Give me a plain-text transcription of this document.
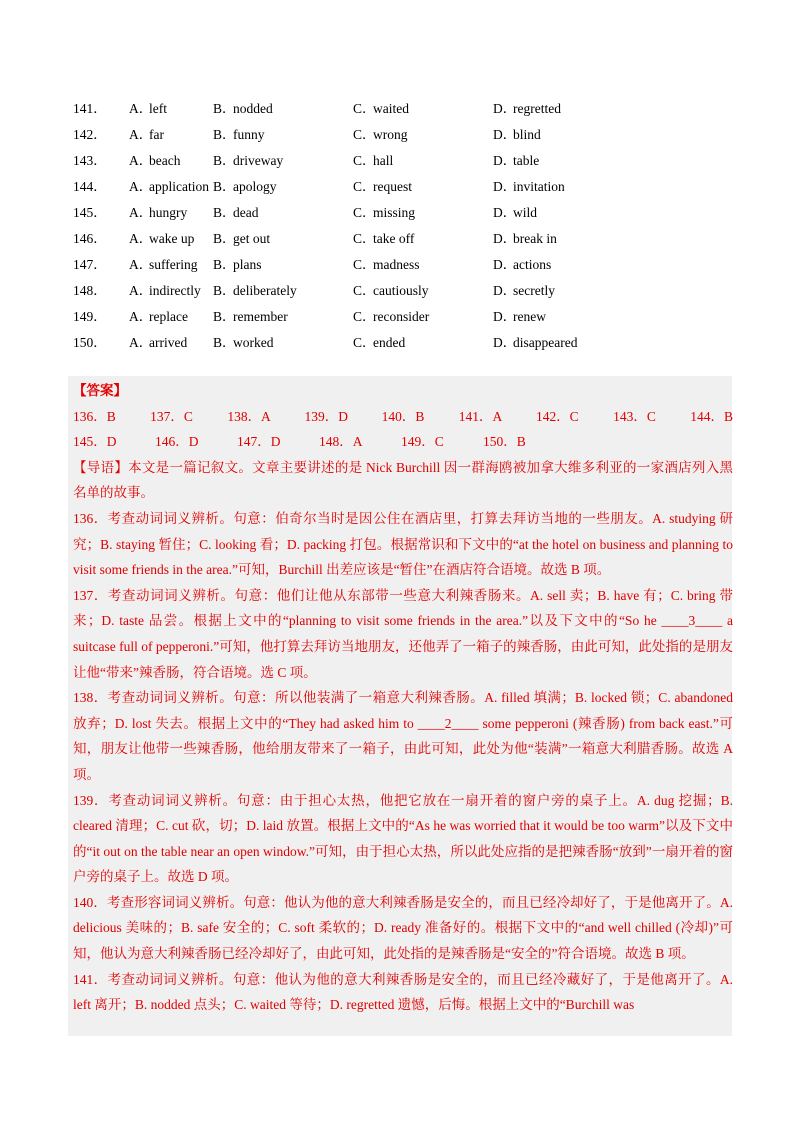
141．	A．left	B．nodded	C．waited	D．regretted
142．	A．far	B．funny	C．wrong	D．blind
143．	A．beach	B．driveway	C．hall	D．table
144．	A．application B．apology	C．request	D．invitation
145．	A．hungry	B．dead	C．missing	D．wild
146．	A．wake up	B．get out	C．take off	D．break in
147．	A．suffering	B．plans	C．madness	D．actions
148．	A．indirectly B．deliberately	C．cautiously	D．secretly
149．	A．replace	B．remember	C．reconsider	D．renew
150．	A．arrived	B．worked	C．ended	D．disappeared
【答案】
136．B	137．C	138．A	139．D	140．B	141．A	142．C	143．C	144．B
145．D	146．D	147．D	148．A	149．C	150．B
【导语】本文是一篇记叙文。文章主要讲述的是 Nick Burchill 因一群海鸥被加拿大维多利亚的一家酒店列入黑名单的故事。
136．考查动词词义辨析。句意：伯奇尔当时是因公住在酒店里，打算去拜访当地的一些朋友。A. studying 研究；B. staying 暂住；C. looking 看；D. packing 打包。根据常识和下文中的“at the hotel on business and planning to visit some friends in the area.”可知，Burchill 出差应该是“暂住”在酒店符合语境。故选 B 项。
137．考查动词词义辨析。句意：他们让他从东部带一些意大利辣香肠来。A. sell 卖；B. have 有；C. bring 带来；D. taste 品尝。根据上文中的“planning to visit some friends in the area.”以及下文中的“So he ____3____ a suitcase full of pepperoni.”可知，他打算去拜访当地朋友，还他弄了一箱子的辣香肠，由此可知，此处指的是朋友让他“带来”辣香肠，符合语境。选 C 项。
138．考查动词词义辨析。句意：所以他装满了一箱意大利辣香肠。A. filled 填满；B. locked 锁；C. abandoned 放弃；D. lost 失去。根据上文中的“They had asked him to ____2____ some pepperoni (辣香肠) from back east.”可知，朋友让他带一些辣香肠，他给朋友带来了一箱子，由此可知，此处为他“装满”一箱意大利腊香肠。故选 A 项。
139．考查动词词义辨析。句意：由于担心太热，他把它放在一扇开着的窗户旁的桌子上。A. dug 挖掘；B. cleared 清理；C. cut 砍，切；D. laid 放置。根据上文中的“As he was worried that it would be too warm”以及下文中的“it out on the table near an open window.”可知，由于担心太热，所以此处应指的是把辣香肠“放到”一扇开着的窗户旁的桌子上。故选 D 项。
140．考查形容词词义辨析。句意：他认为他的意大利辣香肠是安全的，而且已经冷却好了，于是他离开了。A. delicious 美味的；B. safe 安全的；C. soft 柔软的；D. ready 准备好的。根据下文中的“and well chilled (冷却)”可知，他认为意大利辣香肠已经冷却好了，由此可知，此处指的是辣香肠是“安全的”符合语境。故选 B 项。
141．考查动词词义辨析。句意：他认为他的意大利辣香肠是安全的，而且已经冷藏好了，于是他离开了。A. left 离开；B. nodded 点头；C. waited 等待；D. regretted 遗憾，后悔。根据上文中的“Burchill was
